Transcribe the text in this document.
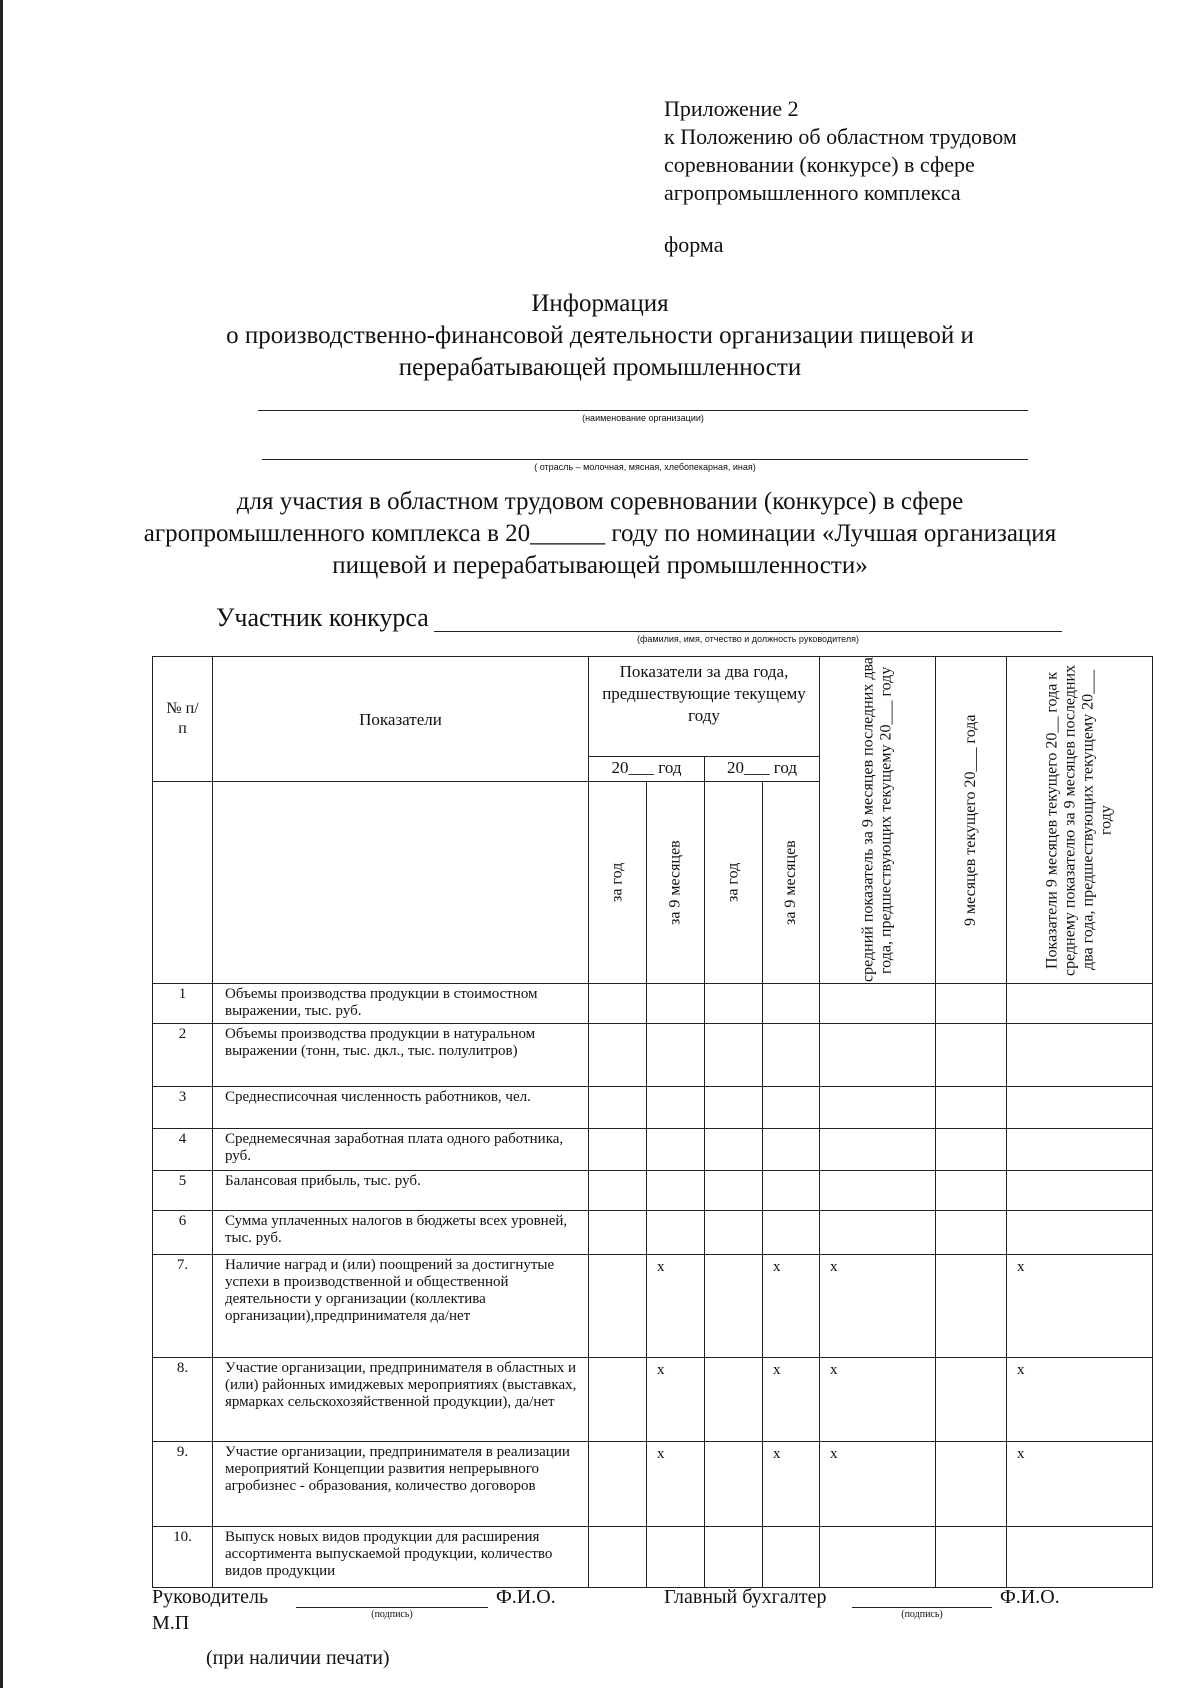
Приложение 2
к Положению об областном трудовом
соревновании (конкурсе) в сфере
агропромышленного комплекса
форма
Информация
о производственно-финансовой деятельности организации пищевой и
перерабатывающей промышленности
(наименование организации)
( отрасль – молочная, мясная, хлебопекарная, иная)
для участия в областном трудовом соревновании (конкурсе) в сфере
агропромышленного комплекса в 20______ году по номинации «Лучшая организация
пищевой и перерабатывающей промышленности»
Участник конкурса
(фамилия, имя, отчество и должность руководителя)
№ п/п	Показатели	Показатели за два года, предшествующие текущему году				средний показатель за 9 месяцев последних два года, предшествующих текущему 20___ году	9 месяцев текущего 20___ года	Показатели 9 месяцев текущего 20__ года к среднему показателю за 9 месяцев последних два года, предшествующих текущему 20___ году

		20___ год		20___ год				

за год	за 9 месяцев	за год	за 9 месяцев			

1	Объемы производства продукции в стоимостном выражении, тыс. руб.							
2	Объемы производства продукции в натуральном выражении (тонн, тыс. дкл., тыс. полулитров)							
3	Среднесписочная численность работников, чел.							
4	Среднемесячная заработная плата одного работника, руб.							
5	Балансовая прибыль, тыс. руб.							
6	Сумма уплаченных налогов в бюджеты всех уровней, тыс. руб.							
7.	Наличие наград и (или) поощрений за достигнутые успехи в производственной и общественной деятельности у организации (коллектива организации),предпринимателя да/нет		х		х	х		х
8.	Участие организации, предпринимателя в областных и (или) районных имиджевых мероприятиях (выставках, ярмарках сельскохозяйственной продукции), да/нет		х		х	х		х
9.	Участие организации, предпринимателя в реализации мероприятий Концепции развития непрерывного агробизнес - образования, количество договоров		х		х	х		х
10.	Выпуск новых видов продукции для расширения ассортимента выпускаемой продукции, количество видов продукции							
Руководитель
(подпись)
Ф.И.О.	Главный бухгалтер
(подпись)
Ф.И.О.
М.П
(при наличии печати)
